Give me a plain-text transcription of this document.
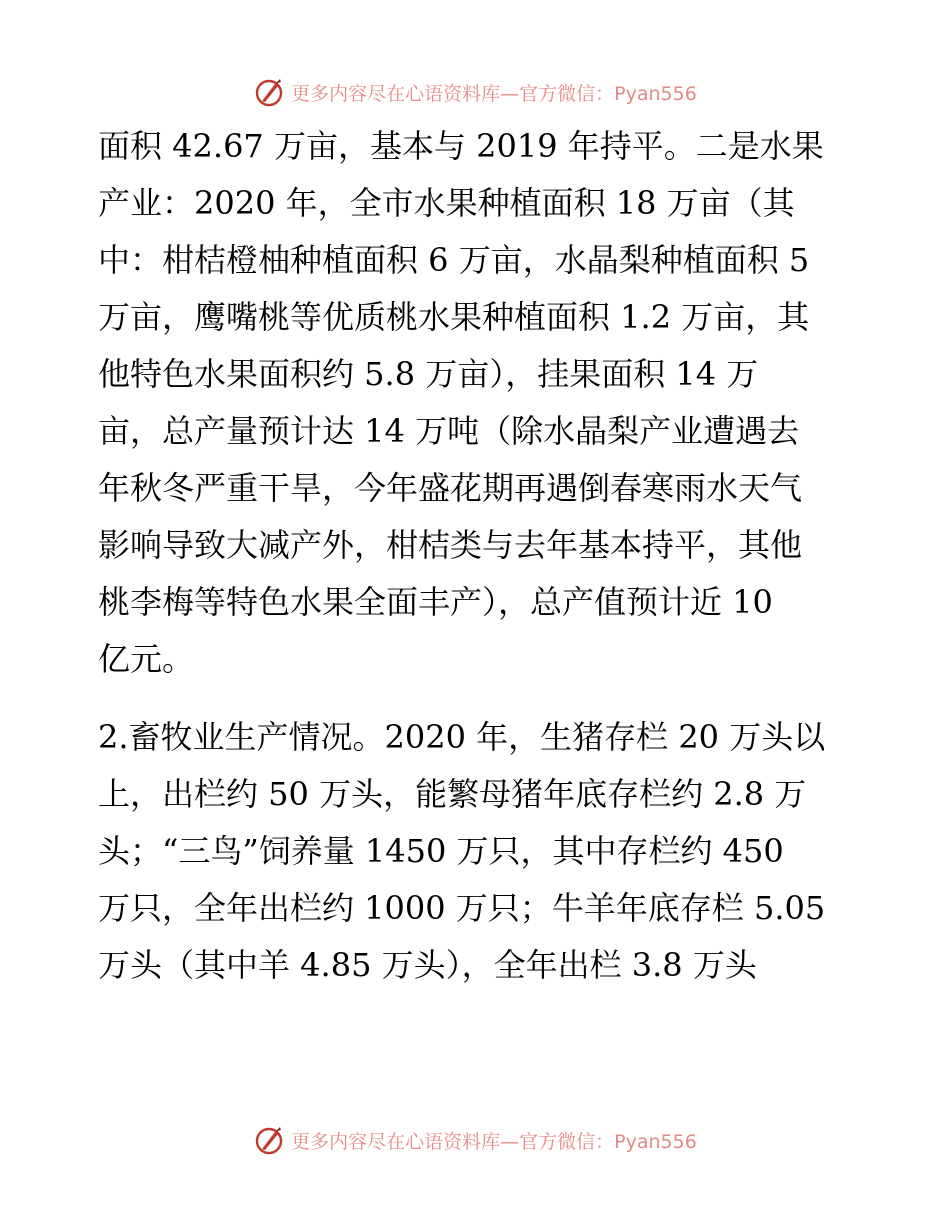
更多内容尽在心语资料库—官方微信：Pyan556

面积 42.67 万亩，基本与 2019 年持平。二是水果
产业：2020 年，全市水果种植面积 18 万亩（其
中：柑桔橙柚种植面积 6 万亩，水晶梨种植面积 5
万亩，鹰嘴桃等优质桃水果种植面积 1.2 万亩，其
他特色水果面积约 5.8 万亩），挂果面积 14 万
亩，总产量预计达 14 万吨（除水晶梨产业遭遇去
年秋冬严重干旱，今年盛花期再遇倒春寒雨水天气
影响导致大减产外，柑桔类与去年基本持平，其他
桃李梅等特色水果全面丰产），总产值预计近 10
亿元。

2.畜牧业生产情况。2020 年，生猪存栏 20 万头以
上，出栏约 50 万头，能繁母猪年底存栏约 2.8 万
头；“三鸟”饲养量 1450 万只，其中存栏约 450
万只，全年出栏约 1000 万只；牛羊年底存栏 5.05
万头（其中羊 4.85 万头），全年出栏 3.8 万头

更多内容尽在心语资料库—官方微信：Pyan556
